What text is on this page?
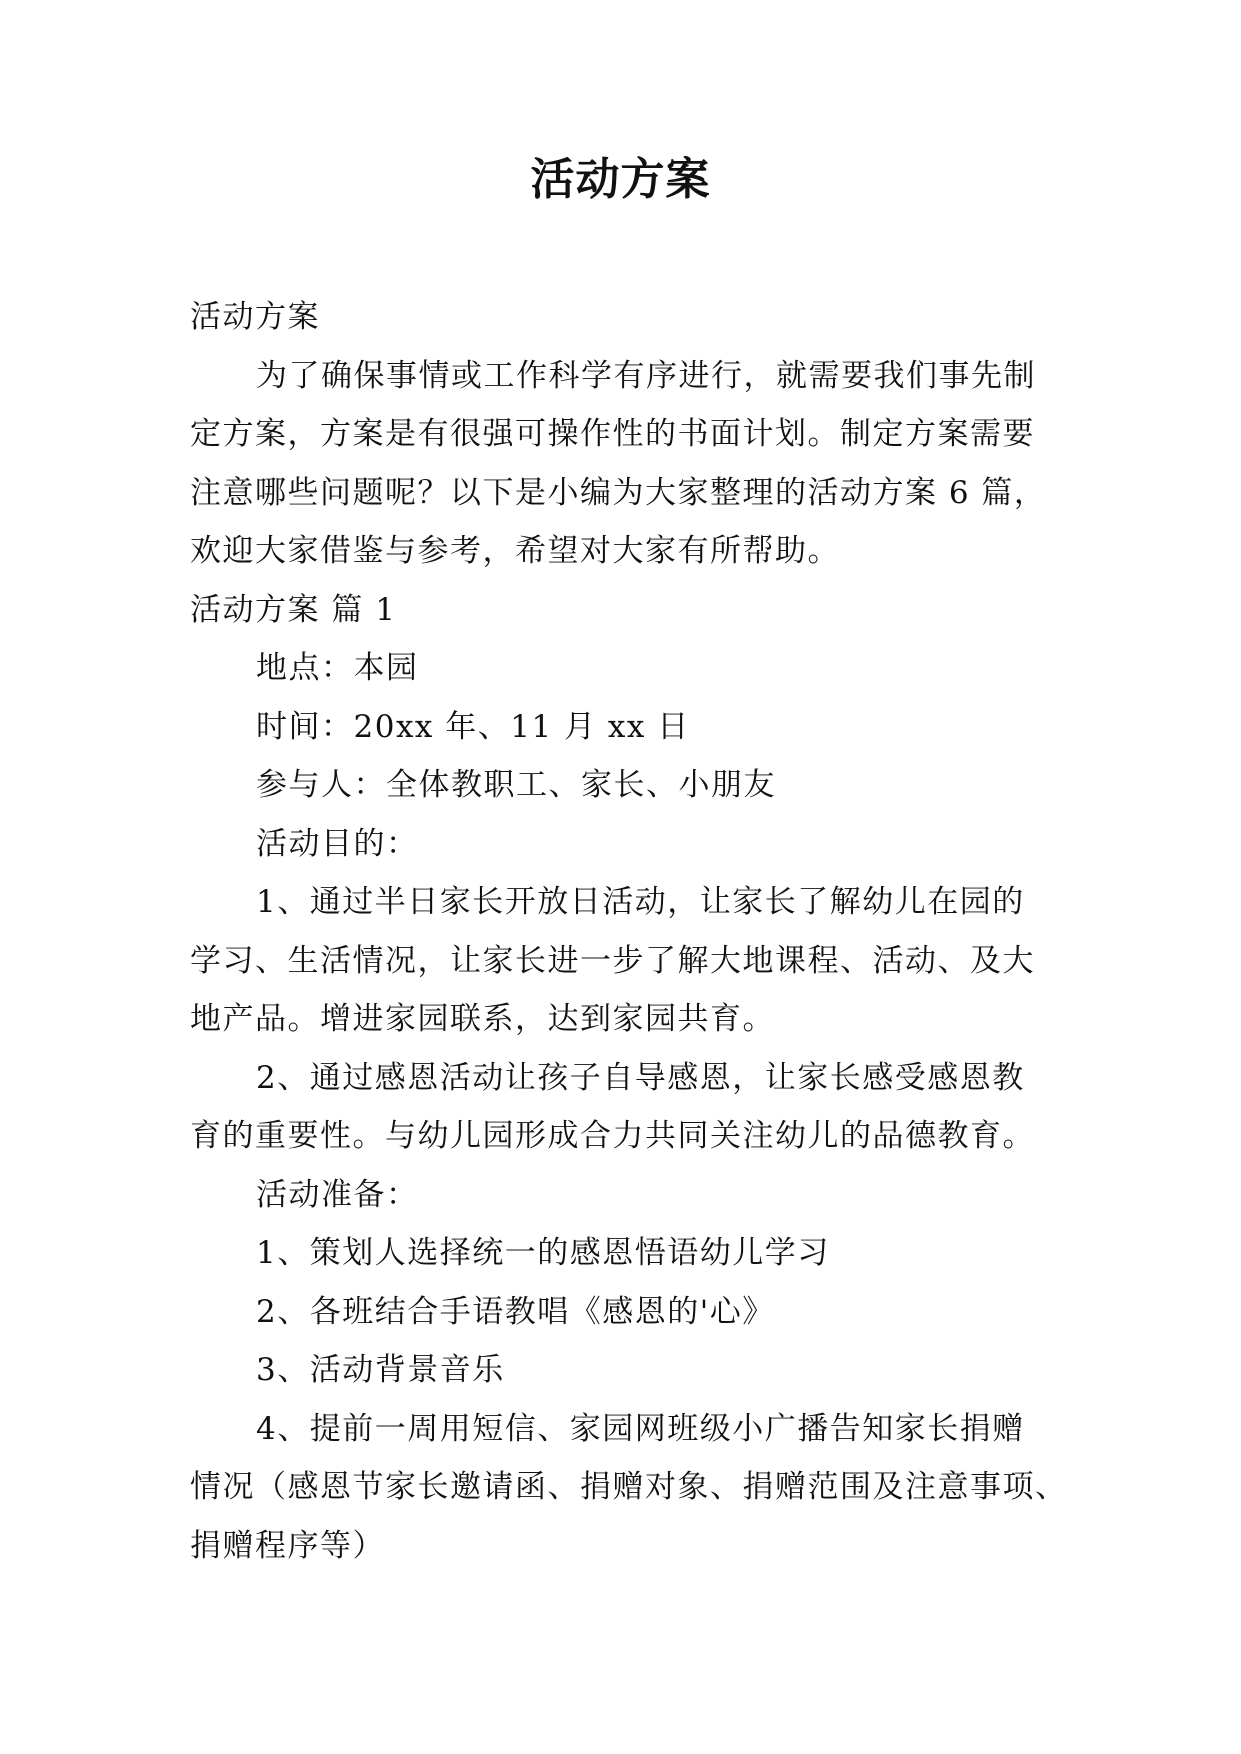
活动方案
活动方案
为了确保事情或工作科学有序进行，就需要我们事先制
定方案，方案是有很强可操作性的书面计划。制定方案需要
注意哪些问题呢？以下是小编为大家整理的活动方案 6 篇，
欢迎大家借鉴与参考，希望对大家有所帮助。
活动方案 篇 1
地点：本园
时间：20xx 年、11 月 xx 日
参与人：全体教职工、家长、小朋友
活动目的：
1、通过半日家长开放日活动，让家长了解幼儿在园的
学习、生活情况，让家长进一步了解大地课程、活动、及大
地产品。增进家园联系，达到家园共育。
2、通过感恩活动让孩子自导感恩，让家长感受感恩教
育的重要性。与幼儿园形成合力共同关注幼儿的品德教育。
活动准备：
1、策划人选择统一的感恩悟语幼儿学习
2、各班结合手语教唱《感恩的'心》
3、活动背景音乐
4、提前一周用短信、家园网班级小广播告知家长捐赠
情况（感恩节家长邀请函、捐赠对象、捐赠范围及注意事项、
捐赠程序等）
